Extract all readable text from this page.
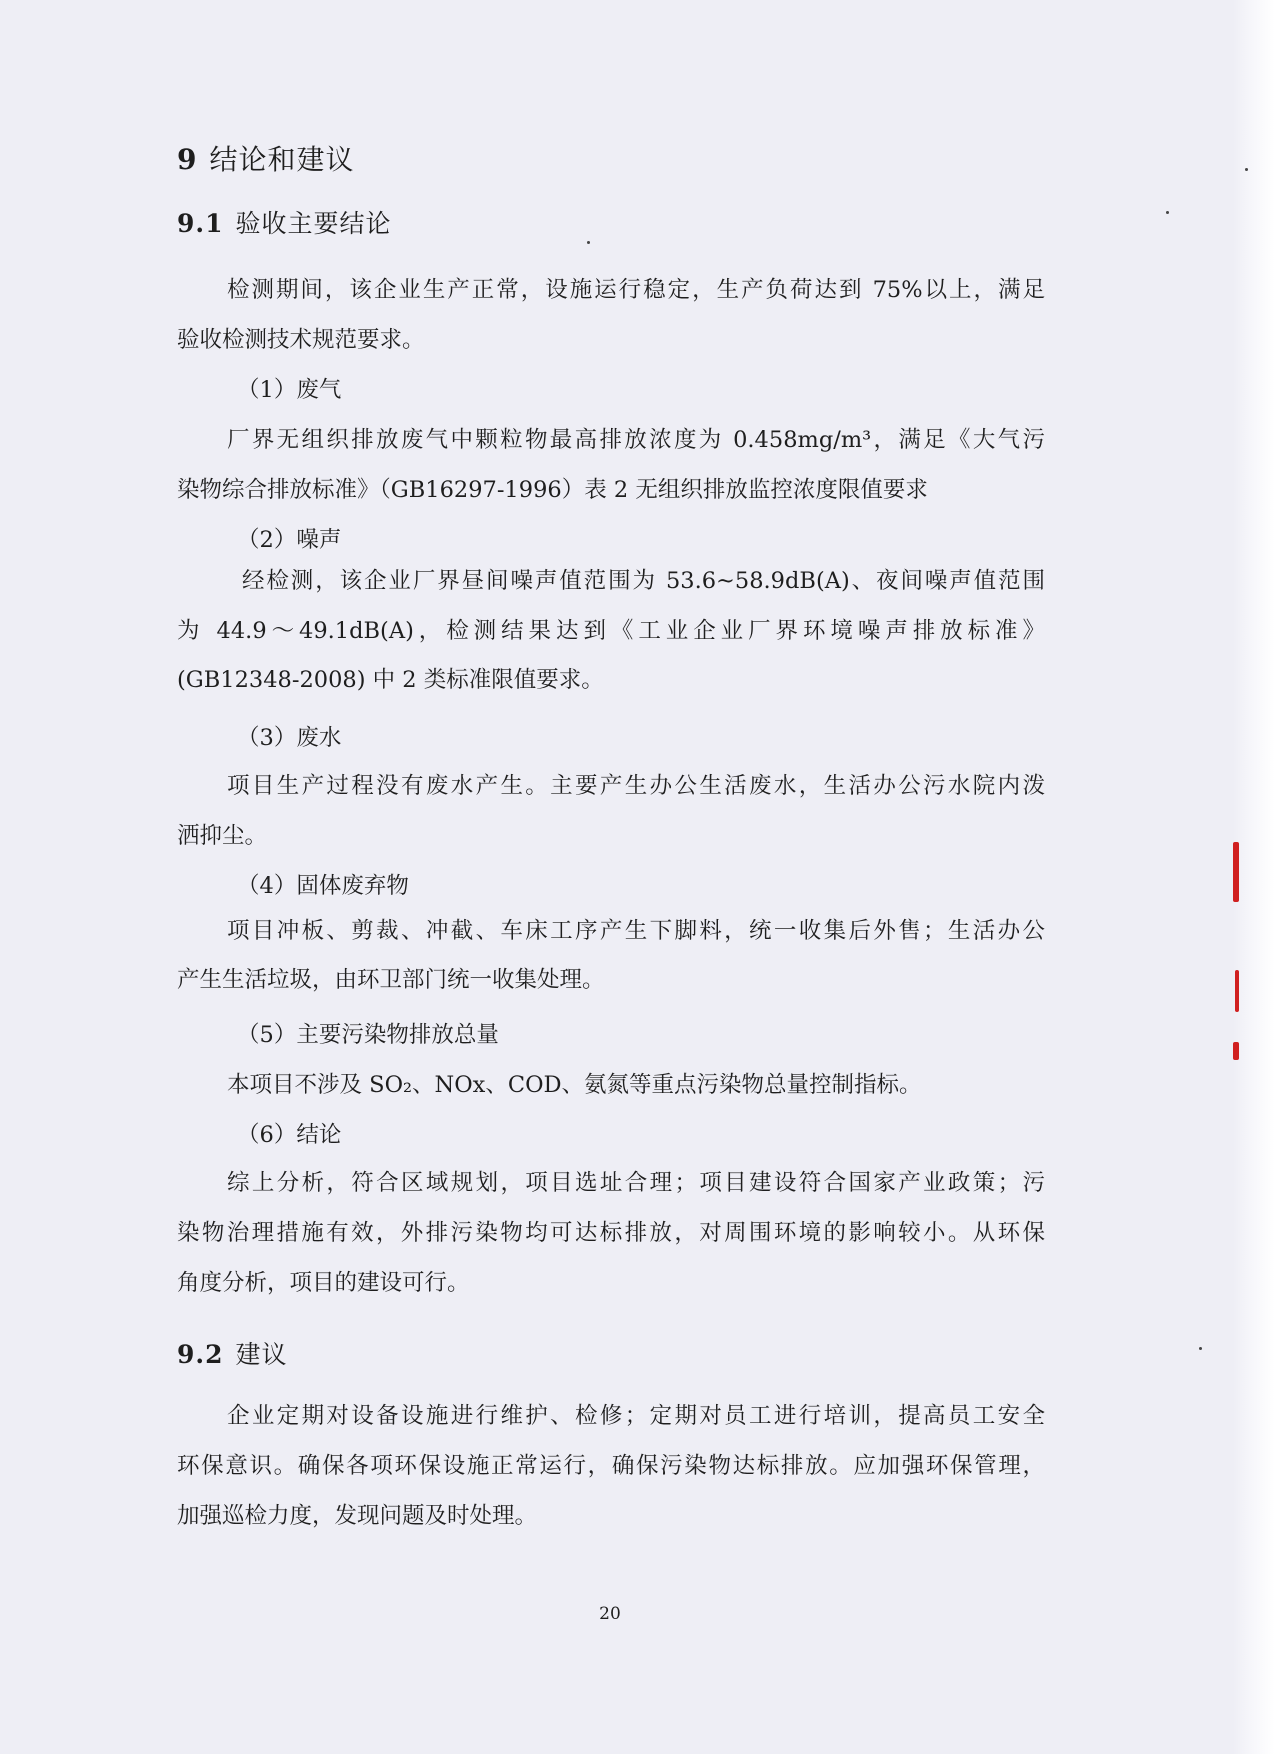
9 结论和建议
9.1 验收主要结论

检测期间，该企业生产正常，设施运行稳定，生产负荷达到 75%以上，满足

验收检测技术规范要求。

（1）废气

厂界无组织排放废气中颗粒物最高排放浓度为 0.458mg/m³，满足《大气污

染物综合排放标准》（GB16297-1996）表 2 无组织排放监控浓度限值要求

（2）噪声

经检测，该企业厂界昼间噪声值范围为 53.6~58.9dB(A)、夜间噪声值范围

为 44.9～49.1dB(A)，检测结果达到《工业企业厂界环境噪声排放标准》

(GB12348-2008) 中 2 类标准限值要求。

（3）废水

项目生产过程没有废水产生。主要产生办公生活废水，生活办公污水院内泼

洒抑尘。

（4）固体废弃物

项目冲板、剪裁、冲截、车床工序产生下脚料，统一收集后外售；生活办公

产生生活垃圾，由环卫部门统一收集处理。

（5）主要污染物排放总量

本项目不涉及 SO₂、NOx、COD、氨氮等重点污染物总量控制指标。

（6）结论

综上分析，符合区域规划，项目选址合理；项目建设符合国家产业政策；污

染物治理措施有效，外排污染物均可达标排放，对周围环境的影响较小。从环保

角度分析，项目的建设可行。

9.2 建议

企业定期对设备设施进行维护、检修；定期对员工进行培训，提高员工安全

环保意识。确保各项环保设施正常运行，确保污染物达标排放。应加强环保管理，

加强巡检力度，发现问题及时处理。

20
